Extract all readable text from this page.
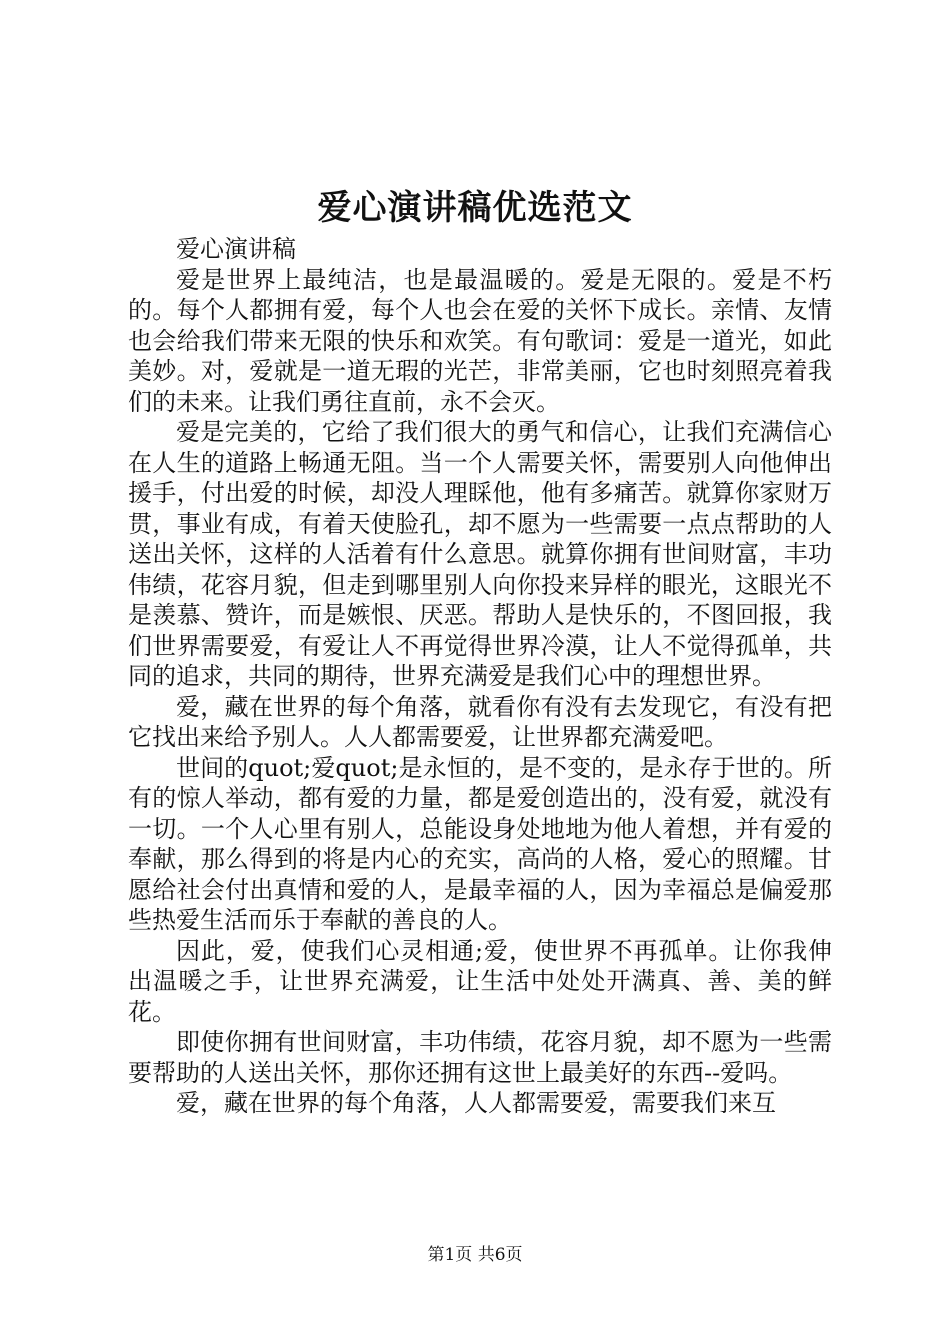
爱心演讲稿优选范文

爱心演讲稿

爱是世界上最纯洁，也是最温暖的。爱是无限的。爱是不朽的。每个人都拥有爱，每个人也会在爱的关怀下成长。亲情、友情也会给我们带来无限的快乐和欢笑。有句歌词：爱是一道光，如此美妙。对，爱就是一道无瑕的光芒，非常美丽，它也时刻照亮着我们的未来。让我们勇往直前，永不会灭。

爱是完美的，它给了我们很大的勇气和信心，让我们充满信心在人生的道路上畅通无阻。当一个人需要关怀，需要别人向他伸出援手，付出爱的时候，却没人理睬他，他有多痛苦。就算你家财万贯，事业有成，有着天使脸孔，却不愿为一些需要一点点帮助的人送出关怀，这样的人活着有什么意思。就算你拥有世间财富，丰功伟绩，花容月貌，但走到哪里别人向你投来异样的眼光，这眼光不是羡慕、赞许，而是嫉恨、厌恶。帮助人是快乐的，不图回报，我们世界需要爱，有爱让人不再觉得世界冷漠，让人不觉得孤单，共同的追求，共同的期待，世界充满爱是我们心中的理想世界。

爱，藏在世界的每个角落，就看你有没有去发现它，有没有把它找出来给予别人。人人都需要爱，让世界都充满爱吧。

世间的quot;爱quot;是永恒的，是不变的，是永存于世的。所有的惊人举动，都有爱的力量，都是爱创造出的，没有爱，就没有一切。一个人心里有别人，总能设身处地地为他人着想，并有爱的奉献，那么得到的将是内心的充实，高尚的人格，爱心的照耀。甘愿给社会付出真情和爱的人，是最幸福的人，因为幸福总是偏爱那些热爱生活而乐于奉献的善良的人。

因此，爱，使我们心灵相通;爱，使世界不再孤单。让你我伸出温暖之手，让世界充满爱，让生活中处处开满真、善、美的鲜花。

即使你拥有世间财富，丰功伟绩，花容月貌，却不愿为一些需要帮助的人送出关怀，那你还拥有这世上最美好的东西--爱吗。

爱，藏在世界的每个角落，人人都需要爱，需要我们来互

第1页 共6页
